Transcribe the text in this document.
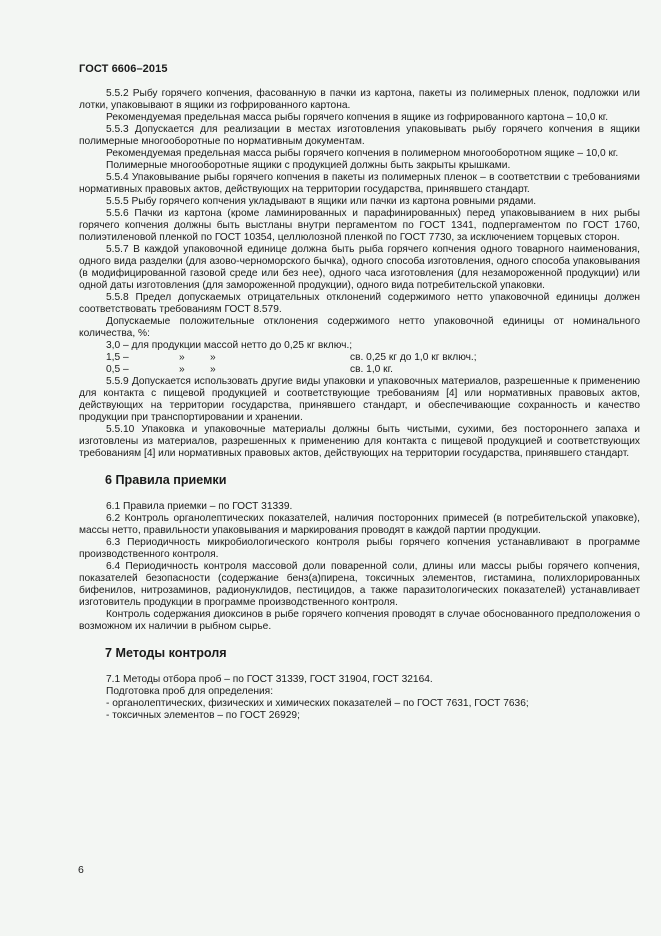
ГОСТ 6606–2015

5.5.2 Рыбу горячего копчения, фасованную в пачки из картона, пакеты из полимерных пленок, подложки или лотки, упаковывают в ящики из гофрированного картона.

Рекомендуемая предельная масса рыбы горячего копчения в ящике из гофрированного картона – 10,0 кг.

5.5.3 Допускается для реализации в местах изготовления упаковывать рыбу горячего копчения в ящики полимерные многооборотные по нормативным документам.

Рекомендуемая предельная масса рыбы горячего копчения в полимерном многооборотном ящике – 10,0 кг.

Полимерные многооборотные ящики с продукцией должны быть закрыты крышками.

5.5.4 Упаковывание рыбы горячего копчения в пакеты из полимерных пленок – в соответствии с требованиями нормативных правовых актов, действующих на территории государства, принявшего стандарт.

5.5.5 Рыбу горячего копчения укладывают в ящики или пачки из картона ровными рядами.

5.5.6 Пачки из картона (кроме ламинированных и парафинированных) перед упаковыванием в них рыбы горячего копчения должны быть выстланы внутри пергаментом по ГОСТ 1341, подпергаментом по ГОСТ 1760, полиэтиленовой пленкой по ГОСТ 10354, целлюлозной пленкой по ГОСТ 7730, за исключением торцевых сторон.

5.5.7 В каждой упаковочной единице должна быть рыба горячего копчения одного товарного наименования, одного вида разделки (для азово-черноморского бычка), одного способа изготовления, одного способа упаковывания (в модифицированной газовой среде или без нее), одного часа изготовления (для незамороженной продукции) или одной даты изготовления (для замороженной продукции), одного вида потребительской упаковки.

5.5.8 Предел допускаемых отрицательных отклонений содержимого нетто упаковочной единицы должен соответствовать требованиям ГОСТ 8.579.

Допускаемые положительные отклонения содержимого нетто упаковочной единицы от номинального количества, %:

3,0 – для продукции массой нетто до 0,25 кг включ.;
1,5 –	»	»	св. 0,25 кг до 1,0 кг включ.;
0,5 –	»	»	св. 1,0 кг.

5.5.9 Допускается использовать другие виды упаковки и упаковочных материалов, разрешенные к применению для контакта с пищевой продукцией и соответствующие требованиям [4] или нормативных правовых актов, действующих на территории государства, принявшего стандарт, и обеспечивающие сохранность и качество продукции при транспортировании и хранении.

5.5.10 Упаковка и упаковочные материалы должны быть чистыми, сухими, без постороннего запаха и изготовлены из материалов, разрешенных к применению для контакта с пищевой продукцией и соответствующих требованиям [4] или нормативных правовых актов, действующих на территории государства, принявшего стандарт.

6 Правила приемки

6.1 Правила приемки – по ГОСТ 31339.

6.2 Контроль органолептических показателей, наличия посторонних примесей (в потребительской упаковке), массы нетто, правильности упаковывания и маркирования проводят в каждой партии продукции.

6.3 Периодичность микробиологического контроля рыбы горячего копчения устанавливают в программе производственного контроля.

6.4 Периодичность контроля массовой доли поваренной соли, длины или массы рыбы горячего копчения, показателей безопасности (содержание бенз(а)пирена, токсичных элементов, гистамина, полихлорированных бифенилов, нитрозаминов, радионуклидов, пестицидов, а также паразитологических показателей) устанавливает изготовитель продукции в программе производственного контроля.

Контроль содержания диоксинов в рыбе горячего копчения проводят в случае обоснованного предположения о возможном их наличии в рыбном сырье.

7 Методы контроля

7.1 Методы отбора проб – по ГОСТ 31339, ГОСТ 31904, ГОСТ 32164.

Подготовка проб для определения:

- органолептических, физических и химических показателей – по ГОСТ 7631, ГОСТ 7636;

- токсичных элементов – по ГОСТ 26929;

6
